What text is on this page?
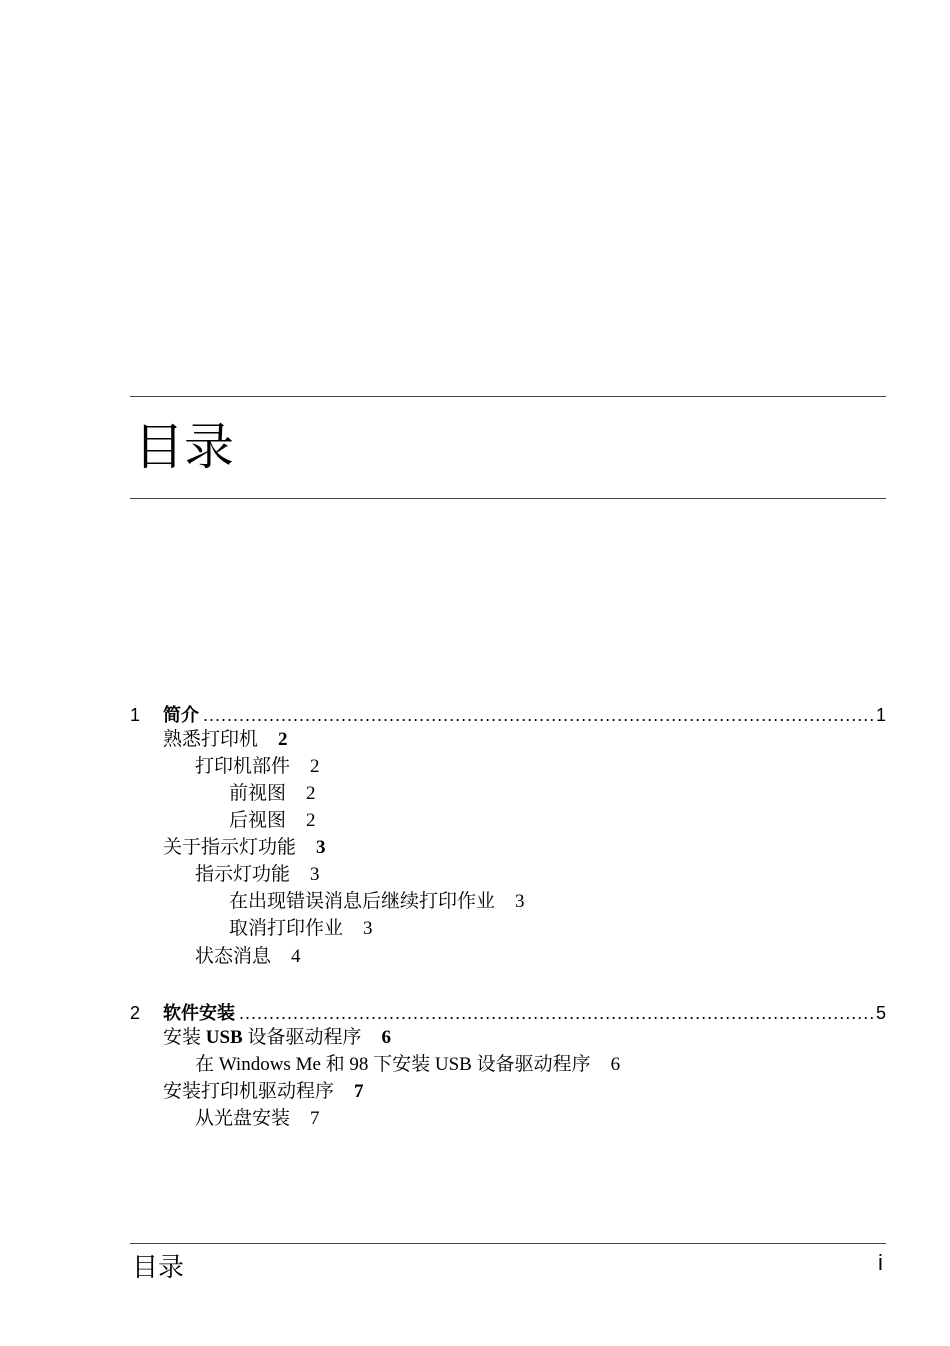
目录
1	简介 . . .	1
熟悉打印机 2
打印机部件 2
前视图 2
后视图 2
关于指示灯功能 3
指示灯功能 3
在出现错误消息后继续打印作业 3
取消打印作业 3
状态消息 4
2	软件安装 . . .	5
安装 USB 设备驱动程序 6
在 Windows Me 和 98 下安装 USB 设备驱动程序 6
安装打印机驱动程序 7
从光盘安装 7
目录	i
